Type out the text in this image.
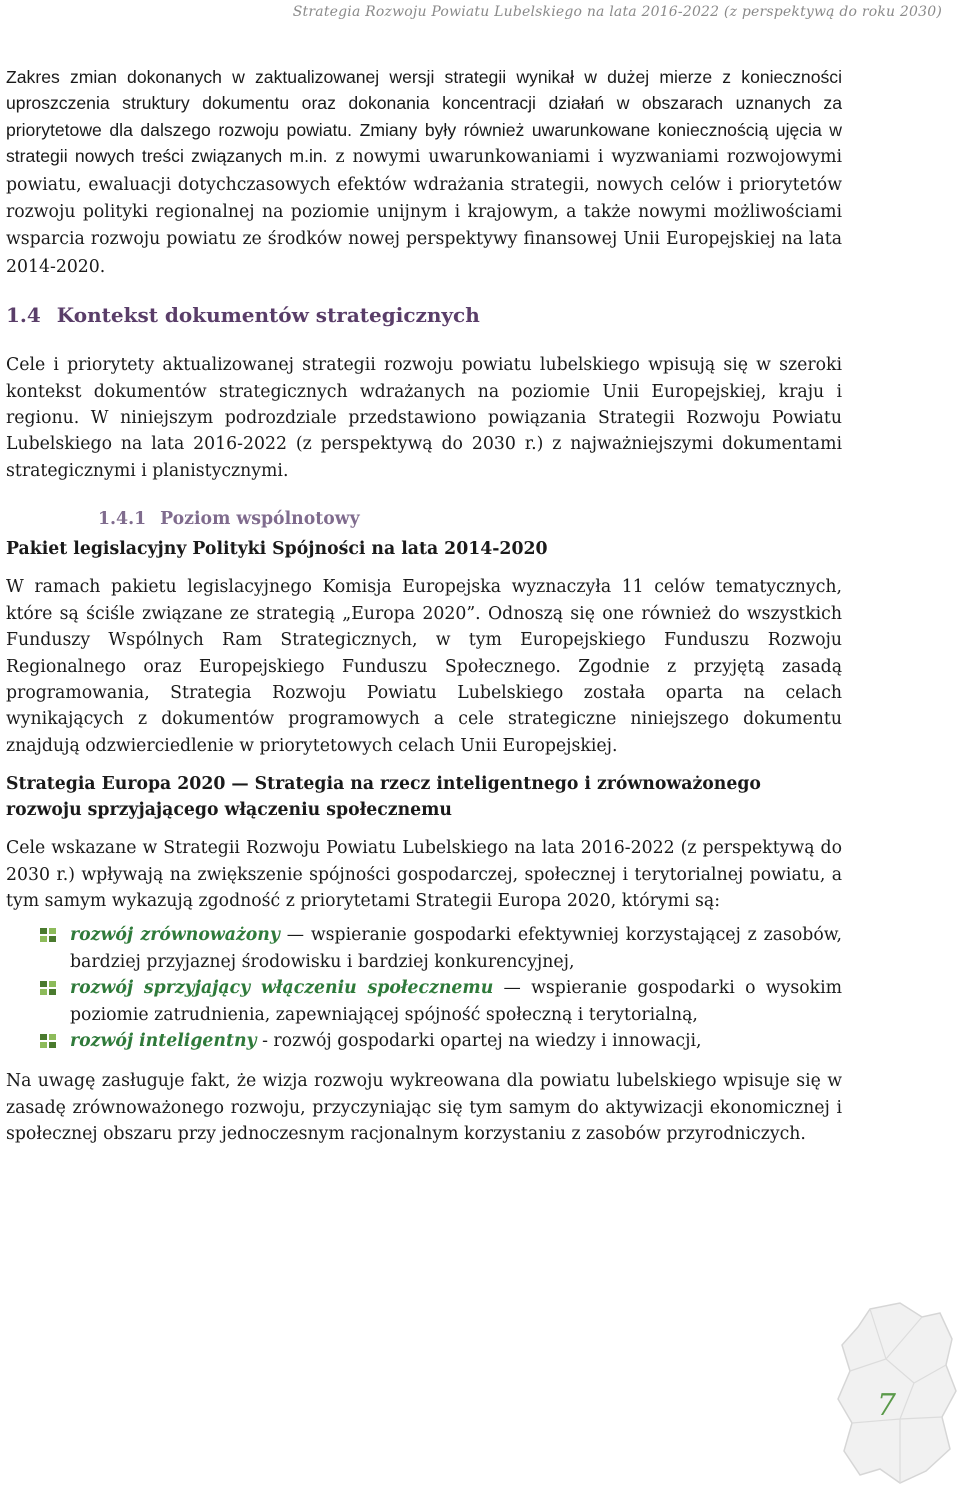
Strategia Rozwoju Powiatu Lubelskiego na lata 2016-2022 (z perspektywą do roku 2030)

Zakres zmian dokonanych w zaktualizowanej wersji strategii wynikał w dużej mierze z konieczności uproszczenia struktury dokumentu oraz dokonania koncentracji działań w obszarach uznanych za priorytetowe dla dalszego rozwoju powiatu. Zmiany były również uwarunkowane koniecznością ujęcia w strategii nowych treści związanych m.in. z nowymi uwarunkowaniami i wyzwaniami rozwojowymi powiatu, ewaluacji dotychczasowych efektów wdrażania strategii, nowych celów i priorytetów rozwoju polityki regionalnej na poziomie unijnym i krajowym, a także nowymi możliwościami wsparcia rozwoju powiatu ze środków nowej perspektywy finansowej Unii Europejskiej na lata 2014-2020.

1.4 Kontekst dokumentów strategicznych

Cele i priorytety aktualizowanej strategii rozwoju powiatu lubelskiego wpisują się w szeroki kontekst dokumentów strategicznych wdrażanych na poziomie Unii Europejskiej, kraju i regionu. W niniejszym podrozdziale przedstawiono powiązania Strategii Rozwoju Powiatu Lubelskiego na lata 2016-2022 (z perspektywą do 2030 r.) z najważniejszymi dokumentami strategicznymi i planistycznymi.

1.4.1 Poziom wspólnotowy
Pakiet legislacyjny Polityki Spójności na lata 2014-2020

W ramach pakietu legislacyjnego Komisja Europejska wyznaczyła 11 celów tematycznych, które są ściśle związane ze strategią „Europa 2020”. Odnoszą się one również do wszystkich Funduszy Wspólnych Ram Strategicznych, w tym Europejskiego Funduszu Rozwoju Regionalnego oraz Europejskiego Funduszu Społecznego. Zgodnie z przyjętą zasadą programowania, Strategia Rozwoju Powiatu Lubelskiego została oparta na celach wynikających z dokumentów programowych a cele strategiczne niniejszego dokumentu znajdują odzwierciedlenie w priorytetowych celach Unii Europejskiej.

Strategia Europa 2020 — Strategia na rzecz inteligentnego i zrównoważonego rozwoju sprzyjającego włączeniu społecznemu

Cele wskazane w Strategii Rozwoju Powiatu Lubelskiego na lata 2016-2022 (z perspektywą do 2030 r.) wpływają na zwiększenie spójności gospodarczej, społecznej i terytorialnej powiatu, a tym samym wykazują zgodność z priorytetami Strategii Europa 2020, którymi są:

rozwój zrównoważony — wspieranie gospodarki efektywniej korzystającej z zasobów, bardziej przyjaznej środowisku i bardziej konkurencyjnej,
rozwój sprzyjający włączeniu społecznemu — wspieranie gospodarki o wysokim poziomie zatrudnienia, zapewniającej spójność społeczną i terytorialną,
rozwój inteligentny - rozwój gospodarki opartej na wiedzy i innowacji,

Na uwagę zasługuje fakt, że wizja rozwoju wykreowana dla powiatu lubelskiego wpisuje się w zasadę zrównoważonego rozwoju, przyczyniając się tym samym do aktywizacji ekonomicznej i społecznej obszaru przy jednoczesnym racjonalnym korzystaniu z zasobów przyrodniczych.

7
